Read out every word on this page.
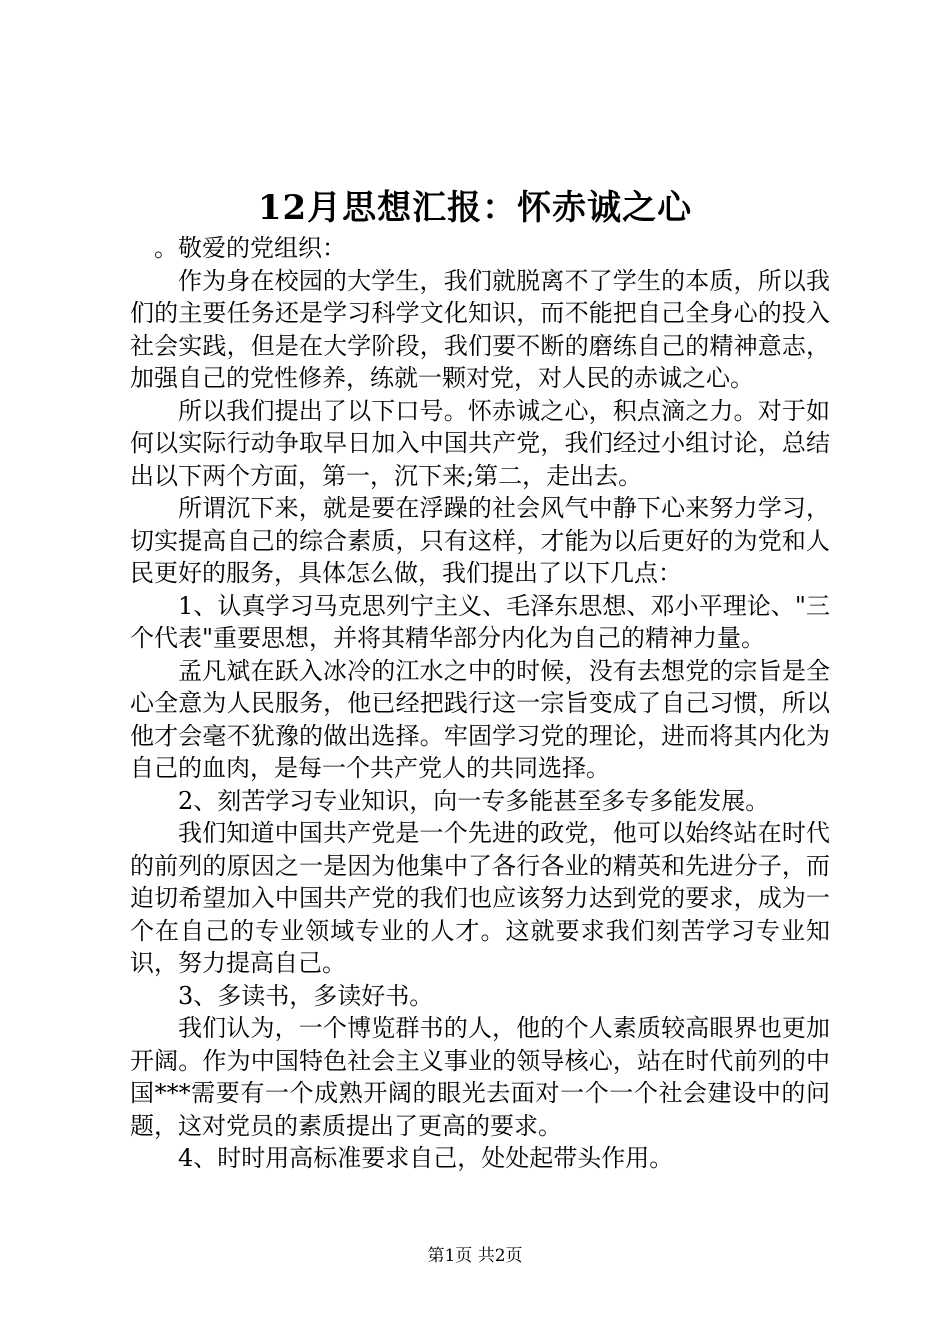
12月思想汇报：怀赤诚之心

。敬爱的党组织：

作为身在校园的大学生，我们就脱离不了学生的本质，所以我们的主要任务还是学习科学文化知识，而不能把自己全身心的投入社会实践，但是在大学阶段，我们要不断的磨练自己的精神意志，加强自己的党性修养，练就一颗对党，对人民的赤诚之心。

所以我们提出了以下口号。怀赤诚之心，积点滴之力。对于如何以实际行动争取早日加入中国共产党，我们经过小组讨论，总结出以下两个方面，第一，沉下来;第二，走出去。

所谓沉下来，就是要在浮躁的社会风气中静下心来努力学习，切实提高自己的综合素质，只有这样，才能为以后更好的为党和人民更好的服务，具体怎么做，我们提出了以下几点：

1、认真学习马克思列宁主义、毛泽东思想、邓小平理论、"三个代表"重要思想，并将其精华部分内化为自己的精神力量。

孟凡斌在跃入冰冷的江水之中的时候，没有去想党的宗旨是全心全意为人民服务，他已经把践行这一宗旨变成了自己习惯，所以他才会毫不犹豫的做出选择。牢固学习党的理论，进而将其内化为自己的血肉，是每一个共产党人的共同选择。

2、刻苦学习专业知识，向一专多能甚至多专多能发展。

我们知道中国共产党是一个先进的政党，他可以始终站在时代的前列的原因之一是因为他集中了各行各业的精英和先进分子，而迫切希望加入中国共产党的我们也应该努力达到党的要求，成为一个在自己的专业领域专业的人才。这就要求我们刻苦学习专业知识，努力提高自己。

3、多读书，多读好书。

我们认为，一个博览群书的人，他的个人素质较高眼界也更加开阔。作为中国特色社会主义事业的领导核心，站在时代前列的中国***需要有一个成熟开阔的眼光去面对一个一个社会建设中的问题，这对党员的素质提出了更高的要求。

4、时时用高标准要求自己，处处起带头作用。

第1页 共2页
